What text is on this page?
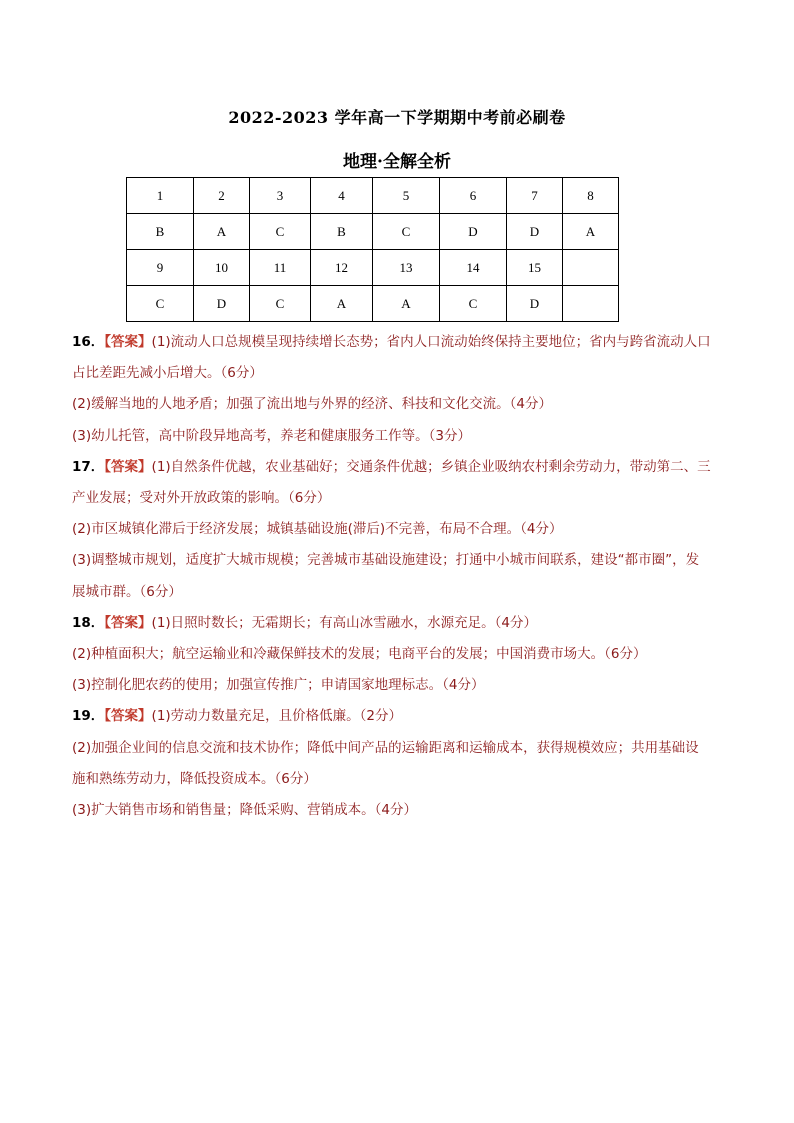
2022-2023 学年高一下学期期中考前必刷卷
地理·全解全析
1	2	3	4	5	6	7	8
B	A	C	B	C	D	D	A
9	10	11	12	13	14	15	
C	D	C	A	A	C	D	

16．【答案】(1)流动人口总规模呈现持续增长态势；省内人口流动始终保持主要地位；省内与跨省流动人口占比差距先减小后增大。（6分）

(2)缓解当地的人地矛盾；加强了流出地与外界的经济、科技和文化交流。（4分）

(3)幼儿托管，高中阶段异地高考，养老和健康服务工作等。（3分）

17．【答案】(1)自然条件优越，农业基础好；交通条件优越；乡镇企业吸纳农村剩余劳动力，带动第二、三产业发展；受对外开放政策的影响。（6分）

(2)市区城镇化滞后于经济发展；城镇基础设施(滞后)不完善，布局不合理。（4分）

(3)调整城市规划，适度扩大城市规模；完善城市基础设施建设；打通中小城市间联系，建设“都市圈”，发展城市群。（6分）

18．【答案】(1)日照时数长；无霜期长；有高山冰雪融水，水源充足。（4分）

(2)种植面积大；航空运输业和冷藏保鲜技术的发展；电商平台的发展；中国消费市场大。（6分）

(3)控制化肥农药的使用；加强宣传推广；申请国家地理标志。（4分）

19．【答案】(1)劳动力数量充足，且价格低廉。（2分）

(2)加强企业间的信息交流和技术协作；降低中间产品的运输距离和运输成本，获得规模效应；共用基础设施和熟练劳动力，降低投资成本。（6分）

(3)扩大销售市场和销售量；降低采购、营销成本。（4分）
